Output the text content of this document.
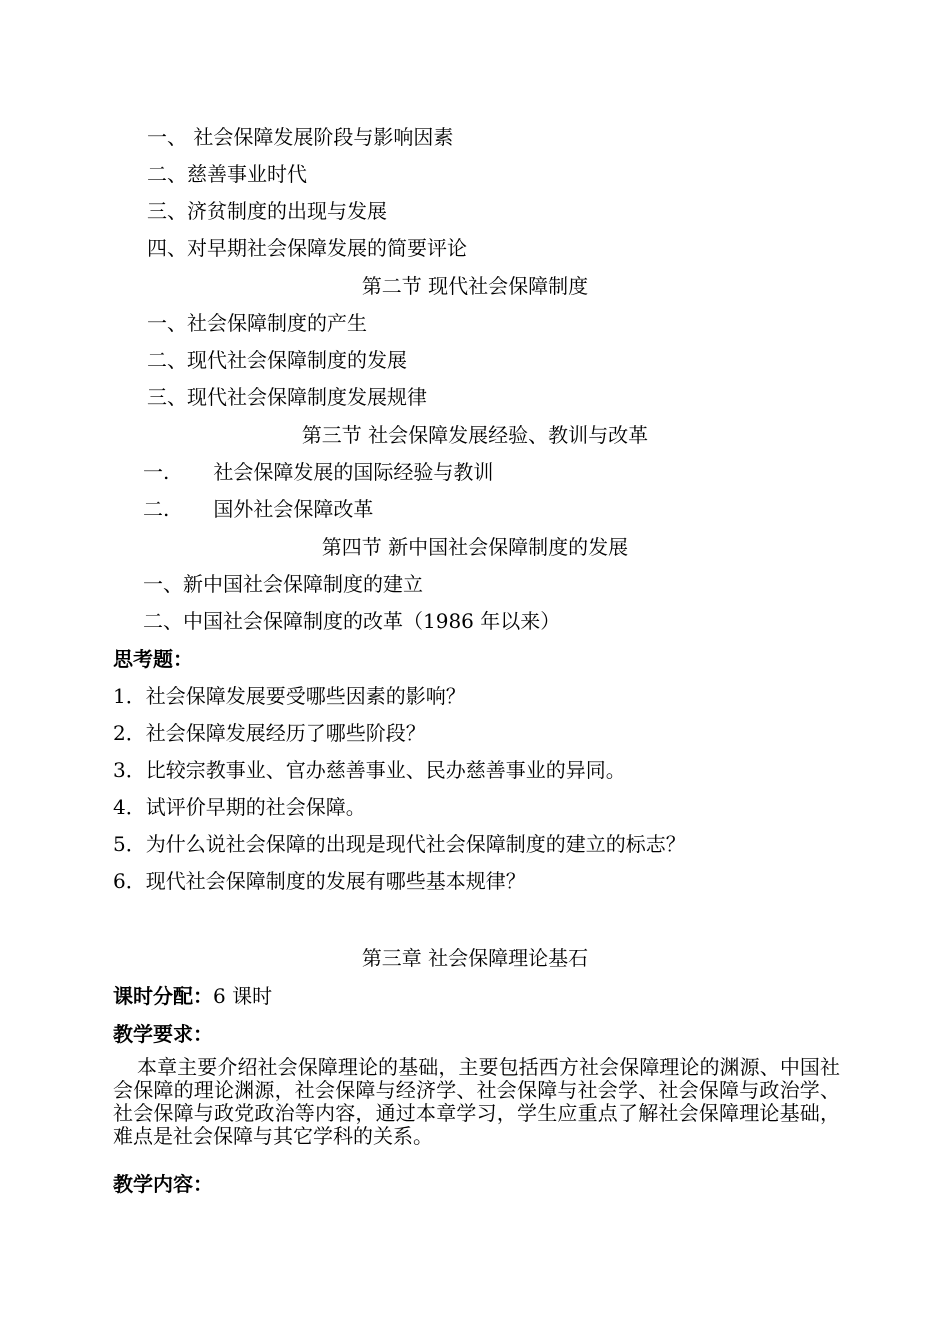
一、 社会保障发展阶段与影响因素
二、慈善事业时代
三、济贫制度的出现与发展
四、对早期社会保障发展的简要评论
第二节 现代社会保障制度
一、社会保障制度的产生
二、现代社会保障制度的发展
三、现代社会保障制度发展规律
第三节 社会保障发展经验、教训与改革
一. 社会保障发展的国际经验与教训
二. 国外社会保障改革
第四节 新中国社会保障制度的发展
一、新中国社会保障制度的建立
二、中国社会保障制度的改革（1986 年以来）
思考题：
1．社会保障发展要受哪些因素的影响？
2．社会保障发展经历了哪些阶段？
3．比较宗教事业、官办慈善事业、民办慈善事业的异同。
4．试评价早期的社会保障。
5．为什么说社会保障的出现是现代社会保障制度的建立的标志？
6．现代社会保障制度的发展有哪些基本规律？
第三章 社会保障理论基石
课时分配：6 课时
教学要求：
本章主要介绍社会保障理论的基础，主要包括西方社会保障理论的渊源、中国社会保障的理论渊源，社会保障与经济学、社会保障与社会学、社会保障与政治学、社会保障与政党政治等内容，通过本章学习，学生应重点了解社会保障理论基础，难点是社会保障与其它学科的关系。
教学内容：
